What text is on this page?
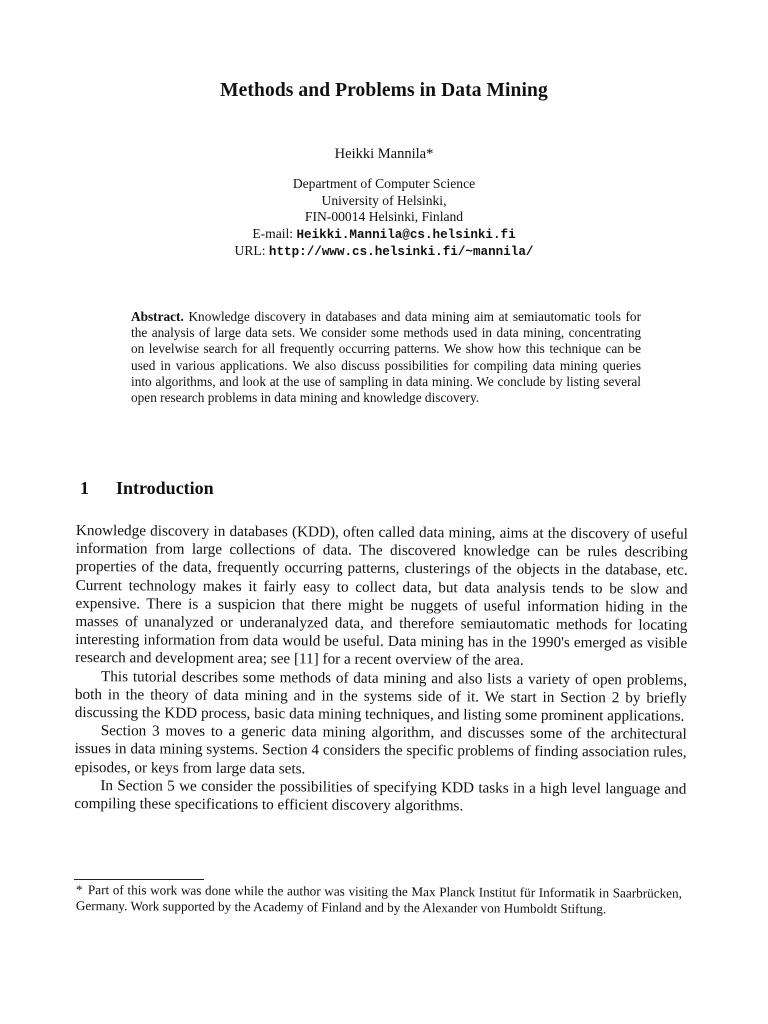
Methods and Problems in Data Mining
Heikki Mannila*
Department of Computer Science
University of Helsinki,
FIN-00014 Helsinki, Finland
E-mail: Heikki.Mannila@cs.helsinki.fi
URL: http://www.cs.helsinki.fi/~mannila/
Abstract. Knowledge discovery in databases and data mining aim at semiautomatic tools for the analysis of large data sets. We consider some methods used in data mining, concentrating on levelwise search for all frequently occurring patterns. We show how this technique can be used in various applications. We also discuss possibilities for compiling data mining queries into algorithms, and look at the use of sampling in data mining. We conclude by listing several open research problems in data mining and knowledge discovery.
1 Introduction

Knowledge discovery in databases (KDD), often called data mining, aims at the discovery of useful information from large collections of data. The discovered knowledge can be rules describing properties of the data, frequently occurring patterns, clusterings of the objects in the database, etc. Current technology makes it fairly easy to collect data, but data analysis tends to be slow and expensive. There is a suspicion that there might be nuggets of useful information hiding in the masses of unanalyzed or underanalyzed data, and therefore semiautomatic methods for locating interesting information from data would be useful. Data mining has in the 1990's emerged as visible research and development area; see [11] for a recent overview of the area.

This tutorial describes some methods of data mining and also lists a variety of open problems, both in the theory of data mining and in the systems side of it. We start in Section 2 by briefly discussing the KDD process, basic data mining techniques, and listing some prominent applications.

Section 3 moves to a generic data mining algorithm, and discusses some of the architectural issues in data mining systems. Section 4 considers the specific problems of finding association rules, episodes, or keys from large data sets.

In Section 5 we consider the possibilities of specifying KDD tasks in a high level language and compiling these specifications to efficient discovery algorithms.

* Part of this work was done while the author was visiting the Max Planck Institut für Informatik in Saarbrücken, Germany. Work supported by the Academy of Finland and by the Alexander von Humboldt Stiftung.
